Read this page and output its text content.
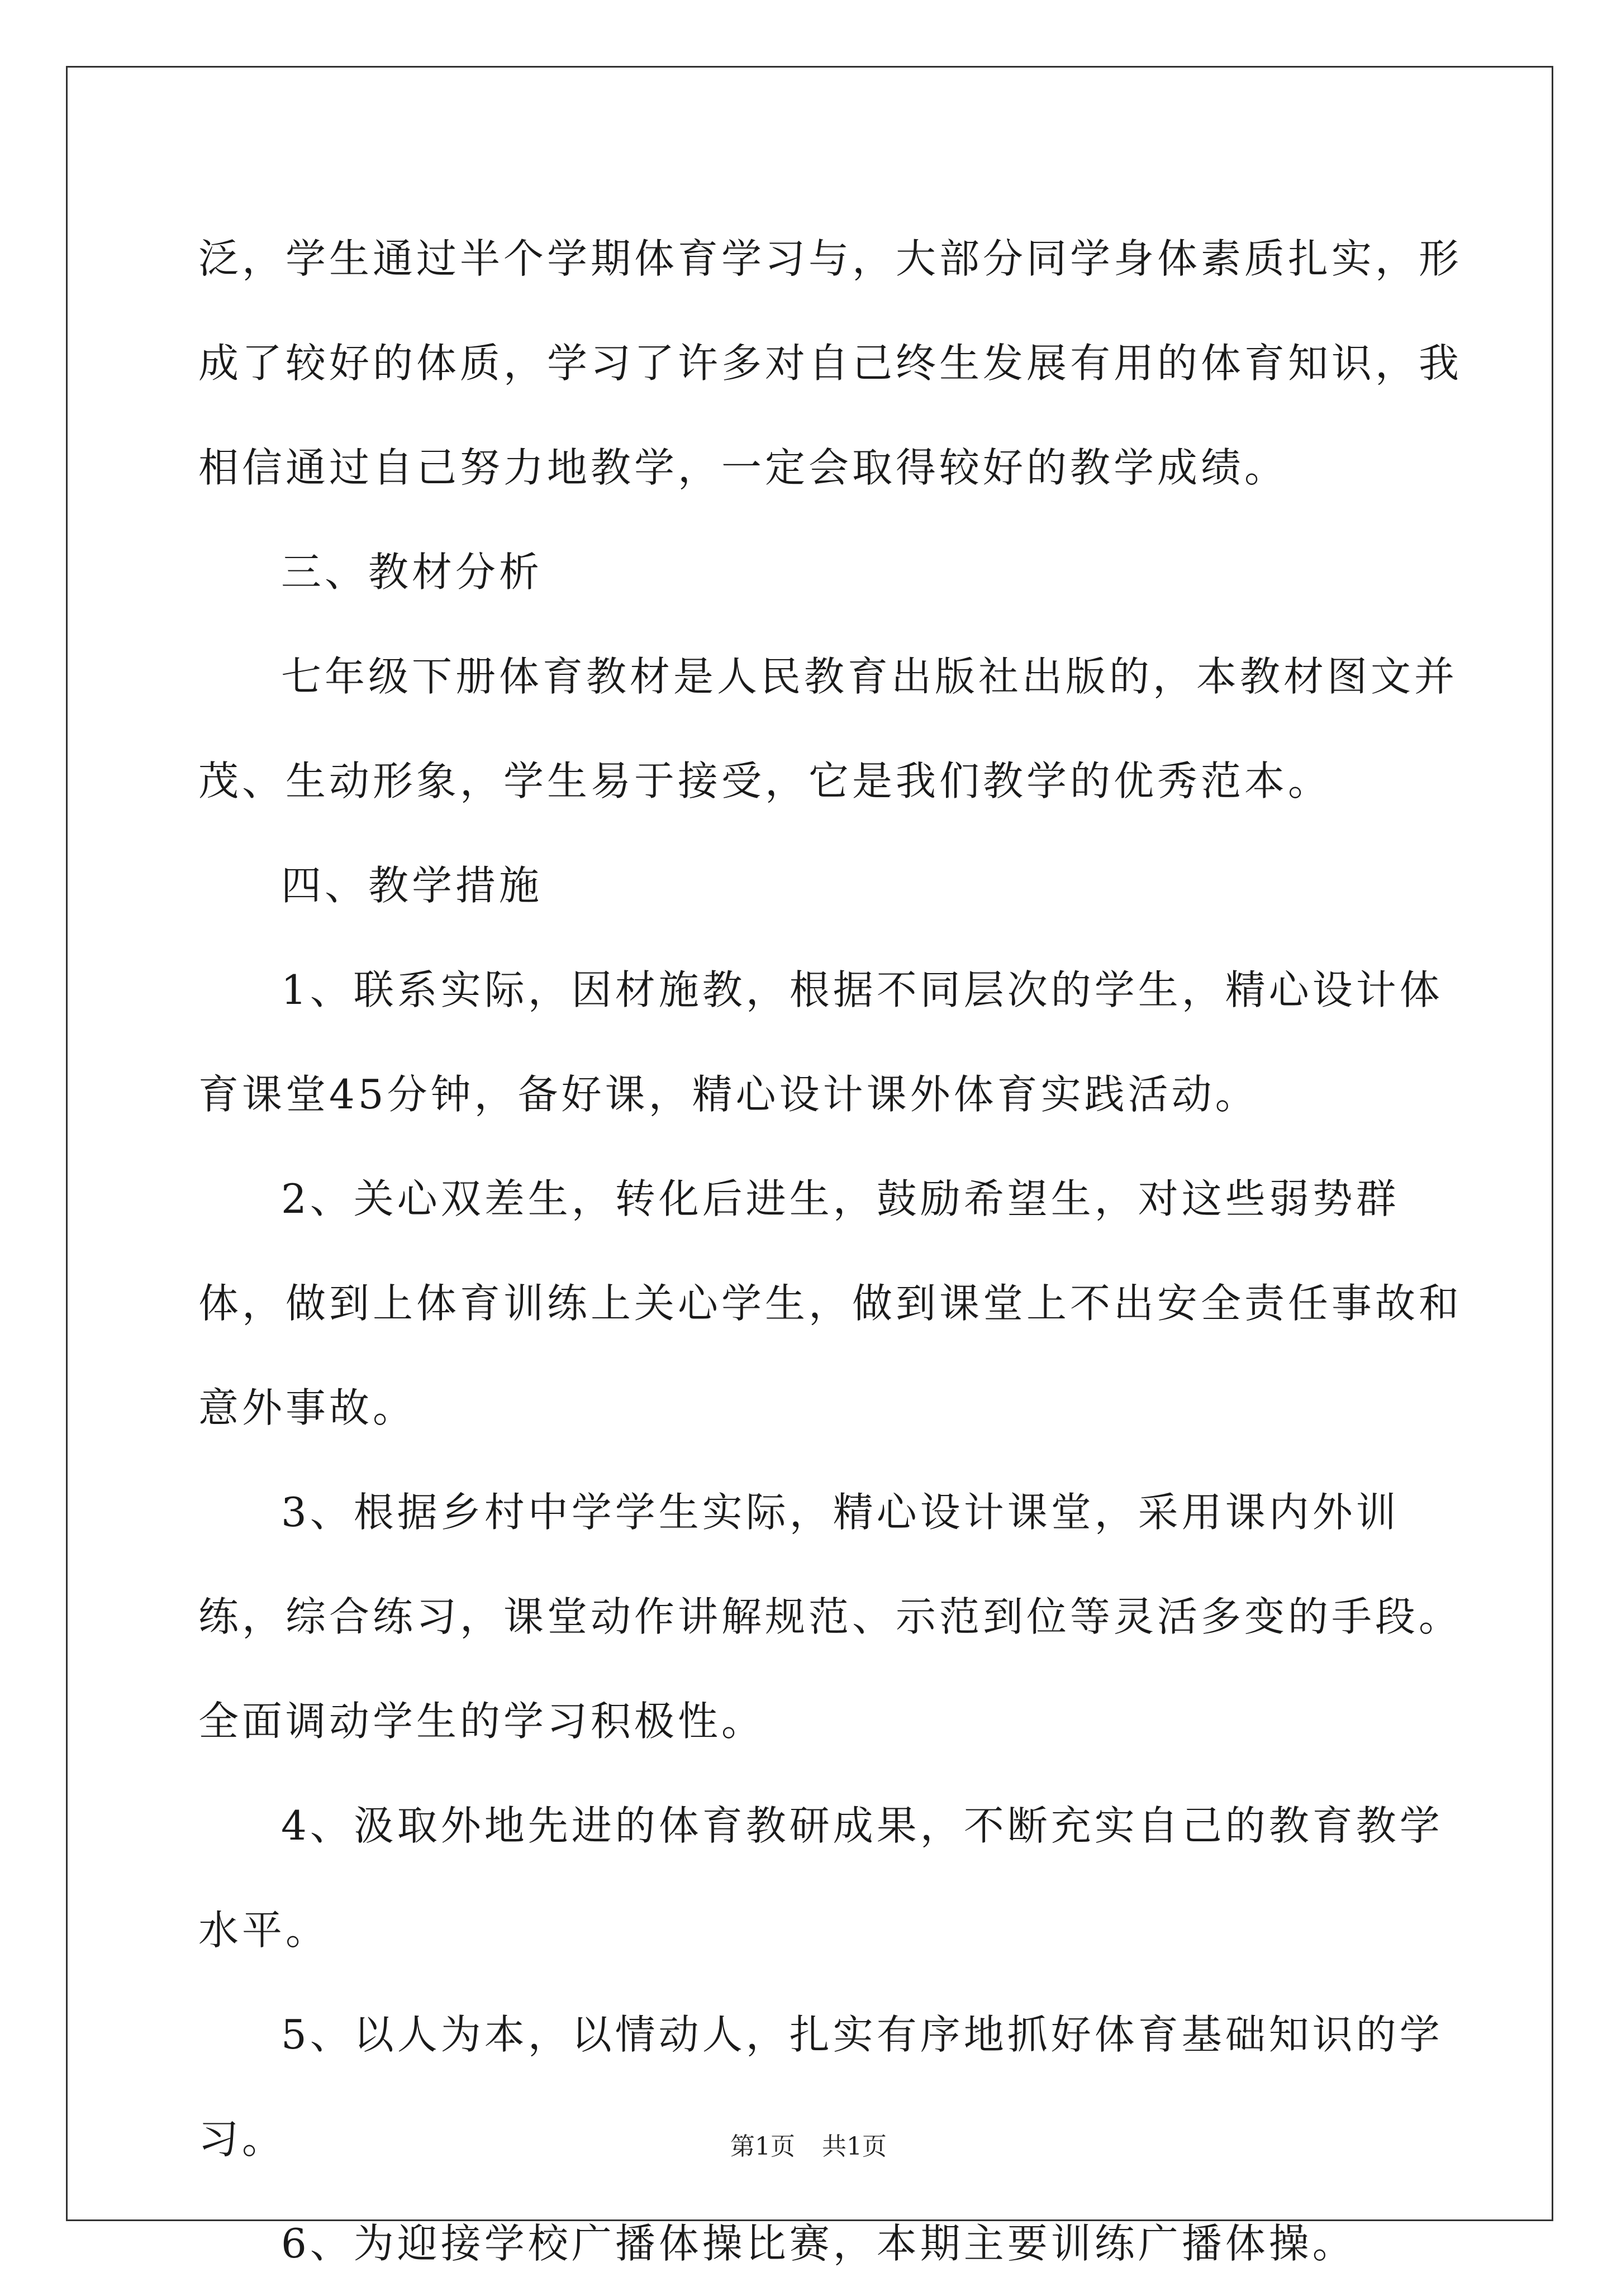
泛，学生通过半个学期体育学习与，大部分同学身体素质扎实，形成了较好的体质，学习了许多对自己终生发展有用的体育知识，我相信通过自己努力地教学，一定会取得较好的教学成绩。

三、教材分析

七年级下册体育教材是人民教育出版社出版的，本教材图文并茂、生动形象，学生易于接受，它是我们教学的优秀范本。

四、教学措施

1、联系实际，因材施教，根据不同层次的学生，精心设计体育课堂45分钟，备好课，精心设计课外体育实践活动。

2、关心双差生，转化后进生，鼓励希望生，对这些弱势群体，做到上体育训练上关心学生，做到课堂上不出安全责任事故和意外事故。

3、根据乡村中学学生实际，精心设计课堂，采用课内外训练，综合练习，课堂动作讲解规范、示范到位等灵活多变的手段。全面调动学生的学习积极性。

4、汲取外地先进的体育教研成果，不断充实自己的教育教学水平。

5、以人为本，以情动人，扎实有序地抓好体育基础知识的学习。

6、为迎接学校广播体操比赛，本期主要训练广播体操。

第1页 共1页
